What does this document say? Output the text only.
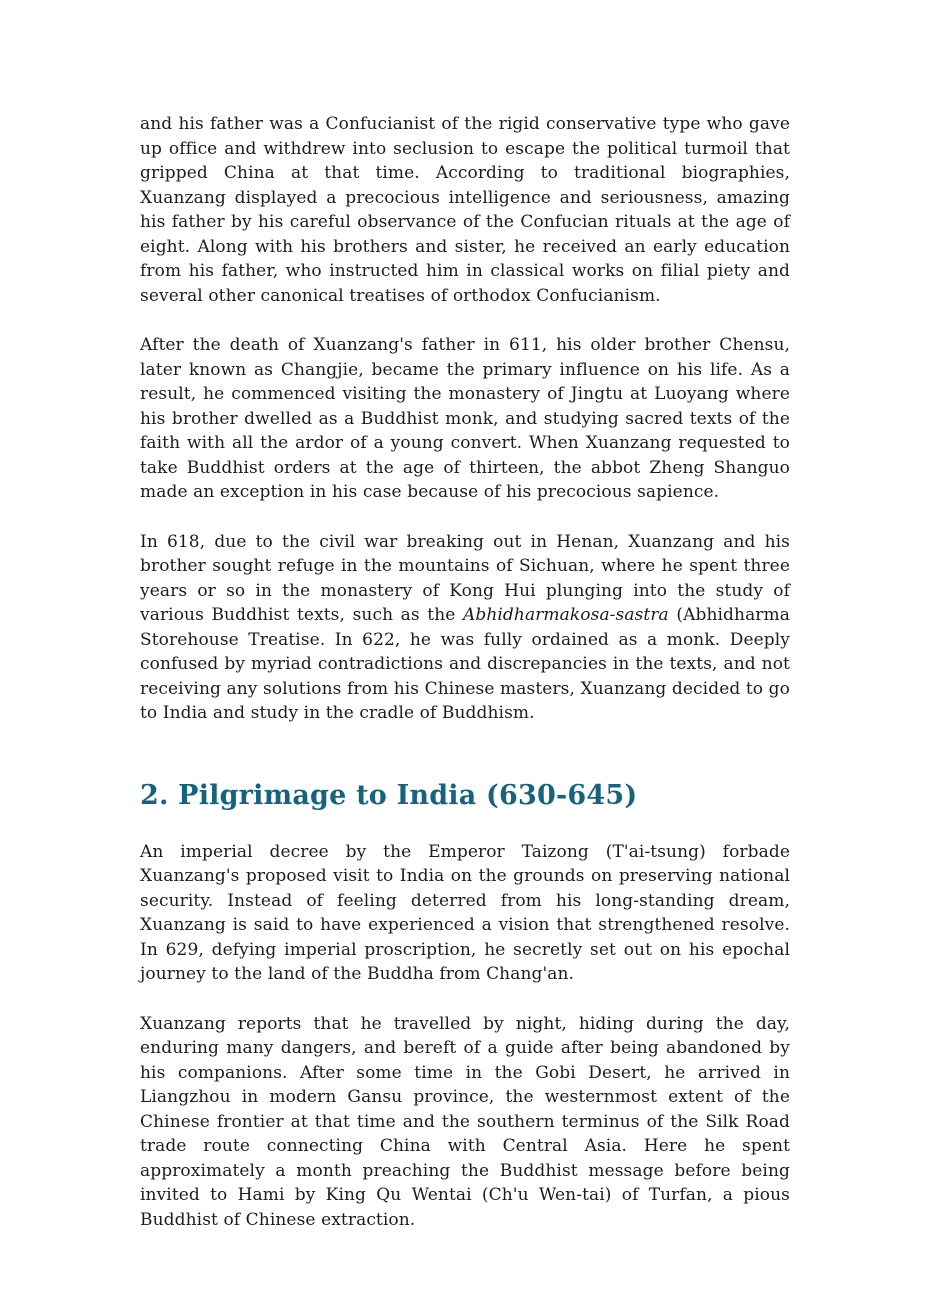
and his father was a Confucianist of the rigid conservative type who gave up office and withdrew into seclusion to escape the political turmoil that gripped China at that time. According to traditional biographies, Xuanzang displayed a precocious intelligence and seriousness, amazing his father by his careful observance of the Confucian rituals at the age of eight. Along with his brothers and sister, he received an early education from his father, who instructed him in classical works on filial piety and several other canonical treatises of orthodox Confucianism.

After the death of Xuanzang's father in 611, his older brother Chensu, later known as Changjie, became the primary influence on his life. As a result, he commenced visiting the monastery of Jingtu at Luoyang where his brother dwelled as a Buddhist monk, and studying sacred texts of the faith with all the ardor of a young convert. When Xuanzang requested to take Buddhist orders at the age of thirteen, the abbot Zheng Shanguo made an exception in his case because of his precocious sapience.

In 618, due to the civil war breaking out in Henan, Xuanzang and his brother sought refuge in the mountains of Sichuan, where he spent three years or so in the monastery of Kong Hui plunging into the study of various Buddhist texts, such as the Abhidharmakosa-sastra (Abhidharma Storehouse Treatise. In 622, he was fully ordained as a monk. Deeply confused by myriad contradictions and discrepancies in the texts, and not receiving any solutions from his Chinese masters, Xuanzang decided to go to India and study in the cradle of Buddhism.

2. Pilgrimage to India (630-645)

An imperial decree by the Emperor Taizong (T'ai-tsung) forbade Xuanzang's proposed visit to India on the grounds on preserving national security. Instead of feeling deterred from his long-standing dream, Xuanzang is said to have experienced a vision that strengthened resolve. In 629, defying imperial proscription, he secretly set out on his epochal journey to the land of the Buddha from Chang'an.

Xuanzang reports that he travelled by night, hiding during the day, enduring many dangers, and bereft of a guide after being abandoned by his companions. After some time in the Gobi Desert, he arrived in Liangzhou in modern Gansu province, the westernmost extent of the Chinese frontier at that time and the southern terminus of the Silk Road trade route connecting China with Central Asia. Here he spent approximately a month preaching the Buddhist message before being invited to Hami by King Qu Wentai (Ch'u Wen-tai) of Turfan, a pious Buddhist of Chinese extraction.
